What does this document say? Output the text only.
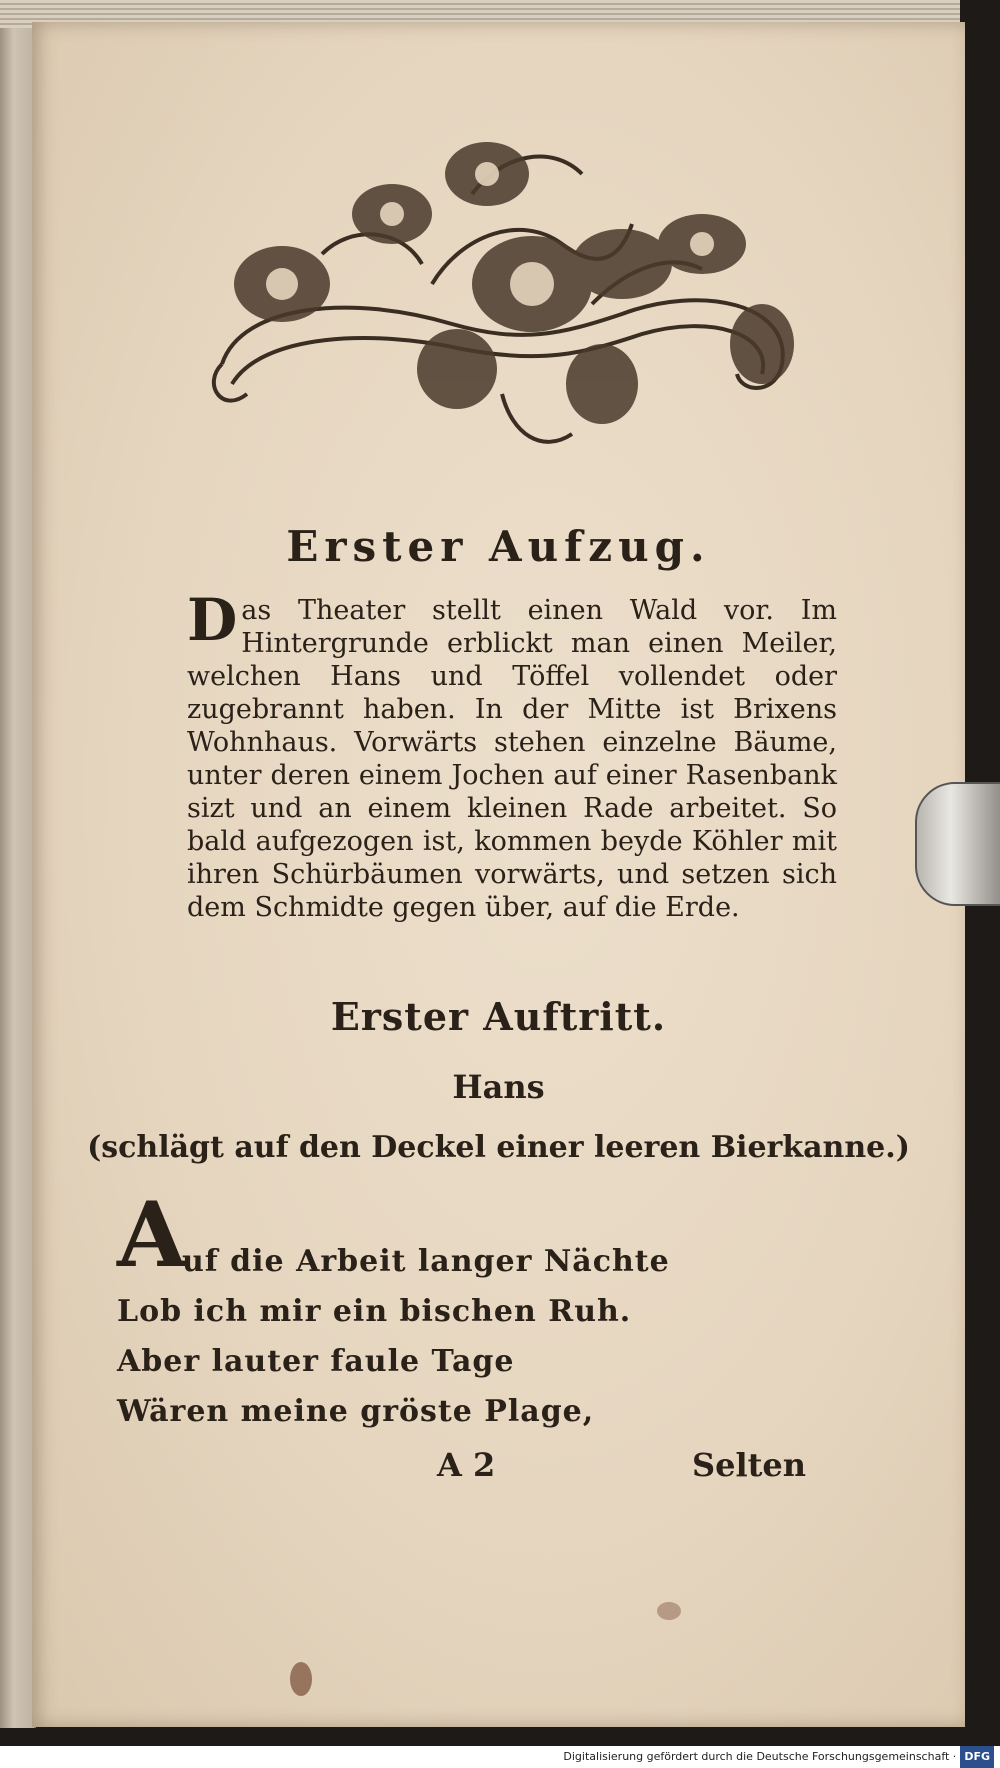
Erster Aufzug.
Das Theater stellt einen Wald vor. Im Hintergrunde erblickt man einen Meiler, welchen Hans und Töffel vollendet oder zugebrannt haben. In der Mitte ist Brixens Wohnhaus. Vorwärts stehen einzelne Bäume, unter deren einem Jochen auf einer Rasenbank sizt und an einem kleinen Rade arbeitet. So bald aufgezogen ist, kommen beyde Köhler mit ihren Schürbäumen vorwärts, und setzen sich dem Schmidte gegen über, auf die Erde.
Erster Auftritt.
Hans
(schlägt auf den Deckel einer leeren Bierkanne.)
A
uf die Arbeit langer Nächte
Lob ich mir ein bischen Ruh.
Aber lauter faule Tage
Wären meine gröste Plage,
A 2	Selten
Digitalisierung gefördert durch die Deutsche Forschungsgemeinschaft · DFG
